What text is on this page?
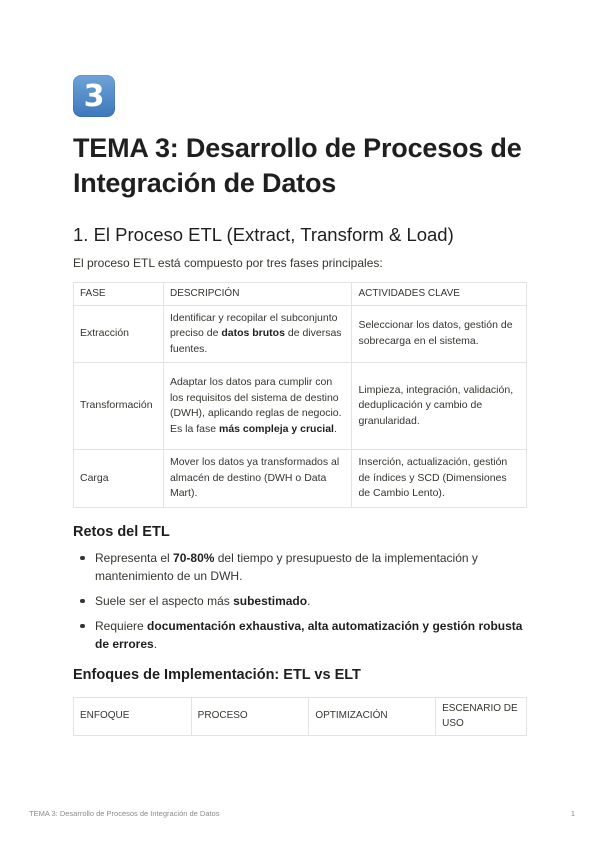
3
TEMA 3: Desarrollo de Procesos de Integración de Datos
1. El Proceso ETL (Extract, Transform & Load)

El proceso ETL está compuesto por tres fases principales:

FASE	DESCRIPCIÓN	ACTIVIDADES CLAVE
Extracción	Identificar y recopilar el subconjunto preciso de datos brutos de diversas fuentes.	Seleccionar los datos, gestión de sobrecarga en el sistema.
Transformación	Adaptar los datos para cumplir con los requisitos del sistema de destino (DWH), aplicando reglas de negocio. Es la fase más compleja y crucial.	Limpieza, integración, validación, deduplicación y cambio de granularidad.
Carga	Mover los datos ya transformados al almacén de destino (DWH o Data Mart).	Inserción, actualización, gestión de índices y SCD (Dimensiones de Cambio Lento).
Retos del ETL
Representa el 70-80% del tiempo y presupuesto de la implementación y mantenimiento de un DWH.
Suele ser el aspecto más subestimado.
Requiere documentación exhaustiva, alta automatización y gestión robusta de errores.
Enfoques de Implementación: ETL vs ELT
ENFOQUE	PROCESO	OPTIMIZACIÓN	ESCENARIO DE USO
TEMA 3: Desarrollo de Procesos de Integración de Datos	1
